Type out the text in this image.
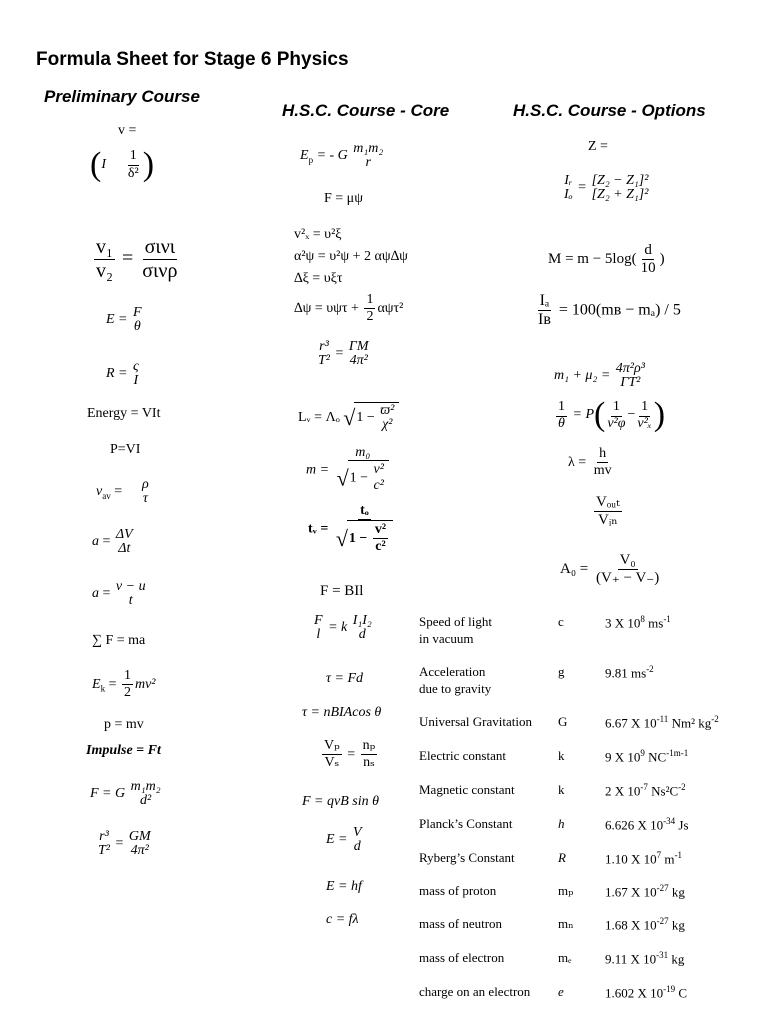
Formula Sheet for Stage 6 Physics
Preliminary Course
H.S.C. Course - Core	H.S.C. Course - Options
v =
($I \frac{1}{\text{δ²}}$ )
$\frac{\text{v₁}}{\text{v₂}} = \frac{\text{σινι}}{\text{σινρ}}$
E = F
θ
R = ς
I
Energy = VIt
P=VI
$v_{av} = \rho$
τ
a = ΔV
Δt
a = v − u
t
∑ F = ma
$E_k = \frac{1}{2} mv^2$
p = mv
Impulse = Ft
F = G m₁m₂
d²
r³
T² = GM
4π²
$E_p$ = - G m₁m₂
r
F = μψ
v²ₓ = υ²ξ
α²ψ = υ²ψ + 2 αψ∆ψ
∆ξ = υξτ
$\Delta\psi = \upsilon\psi\tau + \frac{1}{2} \alpha\psi\tau^2$
r³
T² = ΓM
4π²
Lᵥ = Λₒ √1 − ϖ²
χ²
m =
m₀
√1 −
v²
c²
tᵥ = $\frac{\text{tₒ}}{√1 - \frac{\text{v²}}{\text{c²}}}$
F = BIl
F
l = k I₁I₂
d
τ = Fd
τ = nBIAcos θ
$\frac{\text{Vₚ}}{\text{Vₛ}} = \frac{\text{nₚ}}{\text{nₛ}}$
F = qvB sin θ
E = V
d
E = hf
c = fλ
Z =
Iᵣ
Iₒ = [Z₂ − Z₁]²
[Z₂ + Z₁]²
$M = m - 5\log( \frac{d}{10}$ )
$\frac{\text{Iₐ}}{\text{Iʙ}}$ = 100(mʙ − mₐ) / 5
m₁ + μ₂ = 4π²ρ³
ΓT²
$\frac{1}{\theta} = P( \frac{1}{\text{v²φ}} - \frac{1}{\text{v²ₓ}}$ )
$\lambda = \frac{h}{mv}$
$\frac{\text{Vₒᵤₜ}}{\text{Vᵢₙ}}$
$A_0 = \frac{\text{V₀}}{(V_+ - V_-)}$
Speed of light
in vacuum
c	3 X $10^8$ $ms^{-1}$
Acceleration
due to gravity
g	9.81 $ms^{-2}$
Universal Gravitation G	6.67 X $10^{-11}$ Nm² $kg^{-2}$
Electric constant	k	9 X $10^9$ $NC^{-1m-1}$
Magnetic constant	k	2 X $10^{-7}$ $Ns^2C^{-2}$
Planck’s Constant	h	6.626 X $10^{-34}$ Js
Ryberg’s Constant	R	1.10 X $10^7$ $m^{-1}$
mass of proton	mₚ 1.67 X $10^{-27}$ kg
mass of neutron	mₙ 1.68 X $10^{-27}$ kg
mass of electron	mₑ	9.11 X $10^{-31}$ kg
charge on an electron e	1.602 X $10^{-19}$ C
